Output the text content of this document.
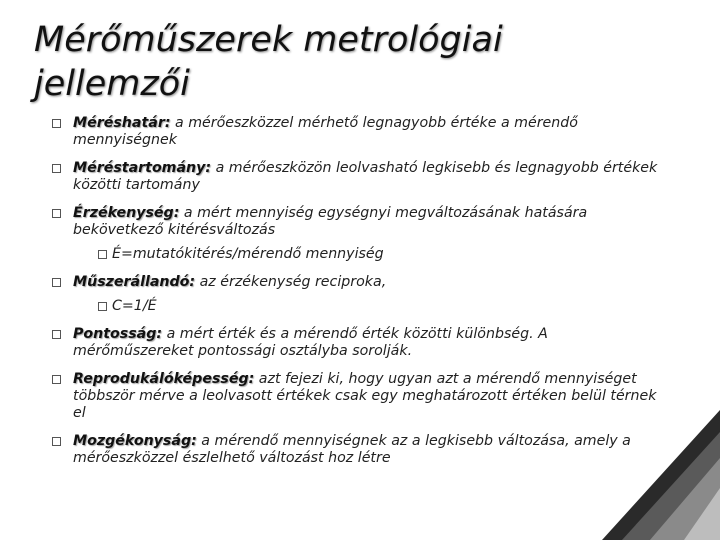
Mérőműszerek metrológiai
jellemzői
Méréshatár: a mérőeszközzel mérhető legnagyobb értéke a mérendő mennyiségnek
Méréstartomány: a mérőeszközön leolvasható legkisebb és legnagyobb értékek közötti tartomány
Érzékenység: a mért mennyiség egységnyi megváltozásának hatására bekövetkező kitérésváltozás
É=mutatókitérés/mérendő mennyiség
Műszerállandó: az érzékenység reciproka,
C=1/É
Pontosság: a mért érték és a mérendő érték közötti különbség. A mérőműszereket pontossági osztályba sorolják.
Reprodukálóképesség: azt fejezi ki, hogy ugyan azt a mérendő mennyiséget többször mérve a leolvasott értékek csak egy meghatározott értéken belül térnek el
Mozgékonyság: a mérendő mennyiségnek az a legkisebb változása, amely a mérőeszközzel észlelhető változást hoz létre
